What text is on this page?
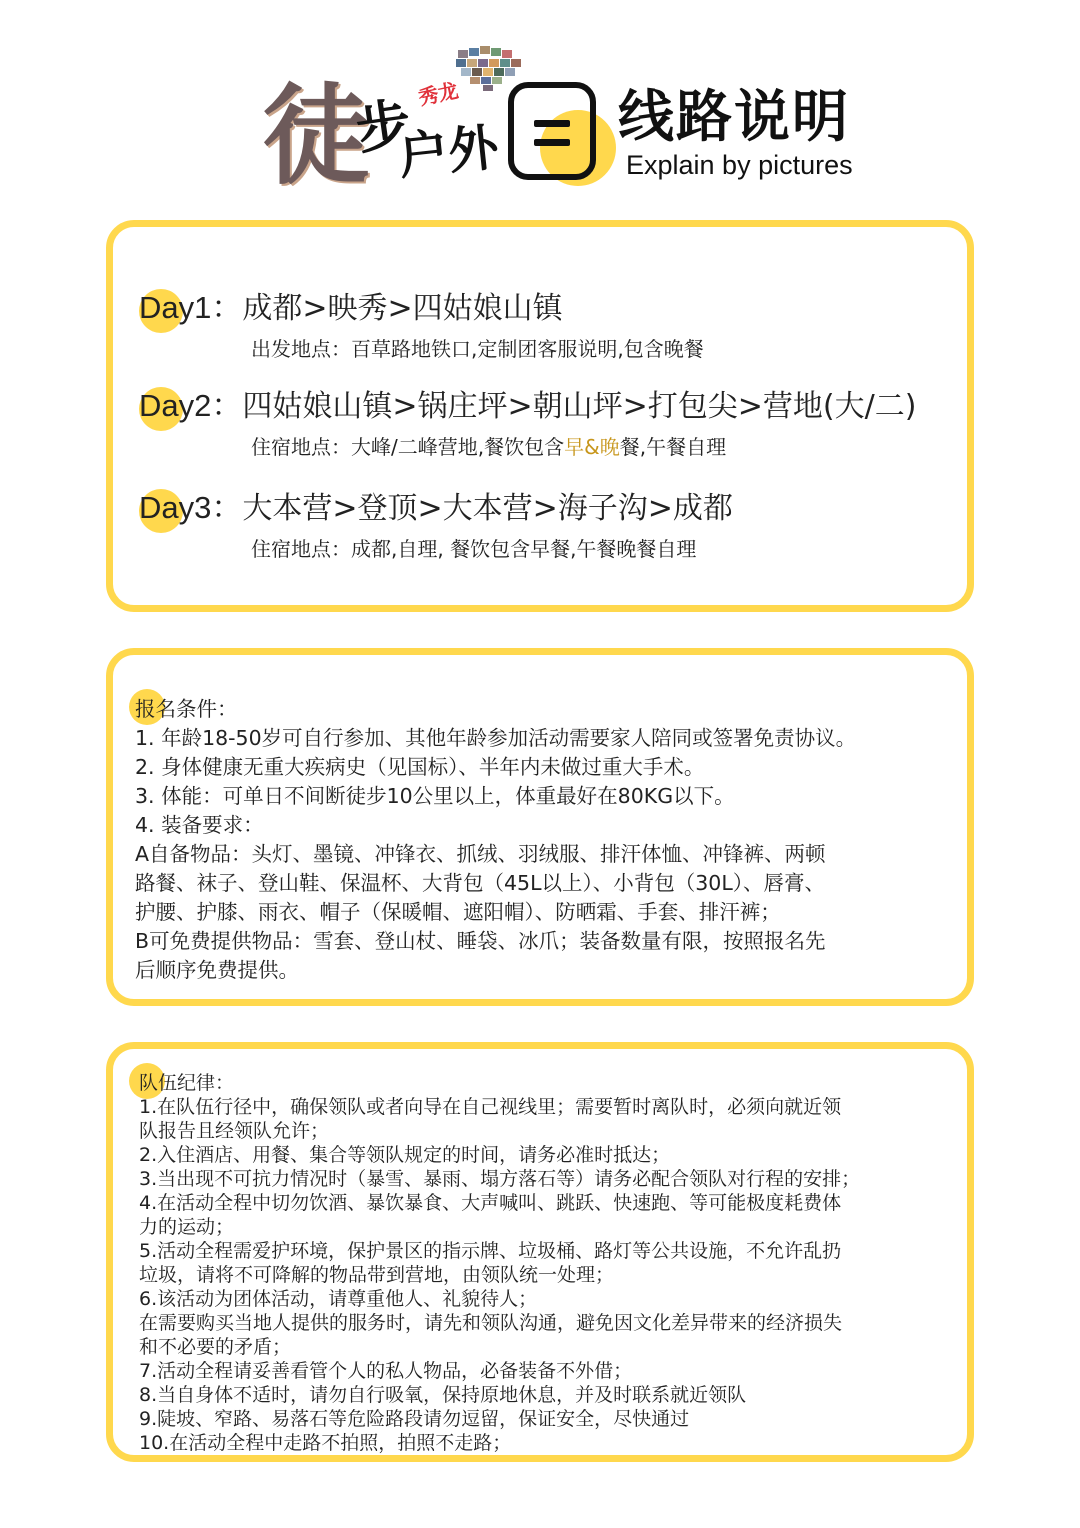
徒
步
户外
秀龙	线路说明
Explain by pictures
Day1：成都>映秀>四姑娘山镇
出发地点：百草路地铁口,定制团客服说明,包含晚餐
Day2：四姑娘山镇>锅庄坪>朝山坪>打包尖>营地(大/二)
住宿地点：大峰/二峰营地,餐饮包含早&晚餐,午餐自理
Day3：大本营>登顶>大本营>海子沟>成都
住宿地点：成都,自理, 餐饮包含早餐,午餐晚餐自理

报名条件：

1. 年龄18-50岁可自行参加、其他年龄参加活动需要家人陪同或签署免责协议。

2. 身体健康无重大疾病史（见国标）、半年内未做过重大手术。

3. 体能：可单日不间断徒步10公里以上，体重最好在80KG以下。

4. 装备要求：

A自备物品：头灯、墨镜、冲锋衣、抓绒、羽绒服、排汗体恤、冲锋裤、两顿

路餐、袜子、登山鞋、保温杯、大背包（45L以上）、小背包（30L）、唇膏、

护腰、护膝、雨衣、帽子（保暖帽、遮阳帽）、防晒霜、手套、排汗裤；

B可免费提供物品：雪套、登山杖、睡袋、冰爪；装备数量有限，按照报名先

后顺序免费提供。

队伍纪律：

1.在队伍行径中，确保领队或者向导在自己视线里；需要暂时离队时，必须向就近领

队报告且经领队允许；

2.入住酒店、用餐、集合等领队规定的时间，请务必准时抵达；

3.当出现不可抗力情况时（暴雪、暴雨、塌方落石等）请务必配合领队对行程的安排；

4.在活动全程中切勿饮酒、暴饮暴食、大声喊叫、跳跃、快速跑、等可能极度耗费体

力的运动；

5.活动全程需爱护环境，保护景区的指示牌、垃圾桶、路灯等公共设施，不允许乱扔

垃圾，请将不可降解的物品带到营地，由领队统一处理；

6.该活动为团体活动，请尊重他人、礼貌待人；

在需要购买当地人提供的服务时，请先和领队沟通，避免因文化差异带来的经济损失

和不必要的矛盾；

7.活动全程请妥善看管个人的私人物品，必备装备不外借；

8.当自身体不适时，请勿自行吸氧，保持原地休息，并及时联系就近领队

9.陡坡、窄路、易落石等危险路段请勿逗留，保证安全，尽快通过

10.在活动全程中走路不拍照，拍照不走路；
